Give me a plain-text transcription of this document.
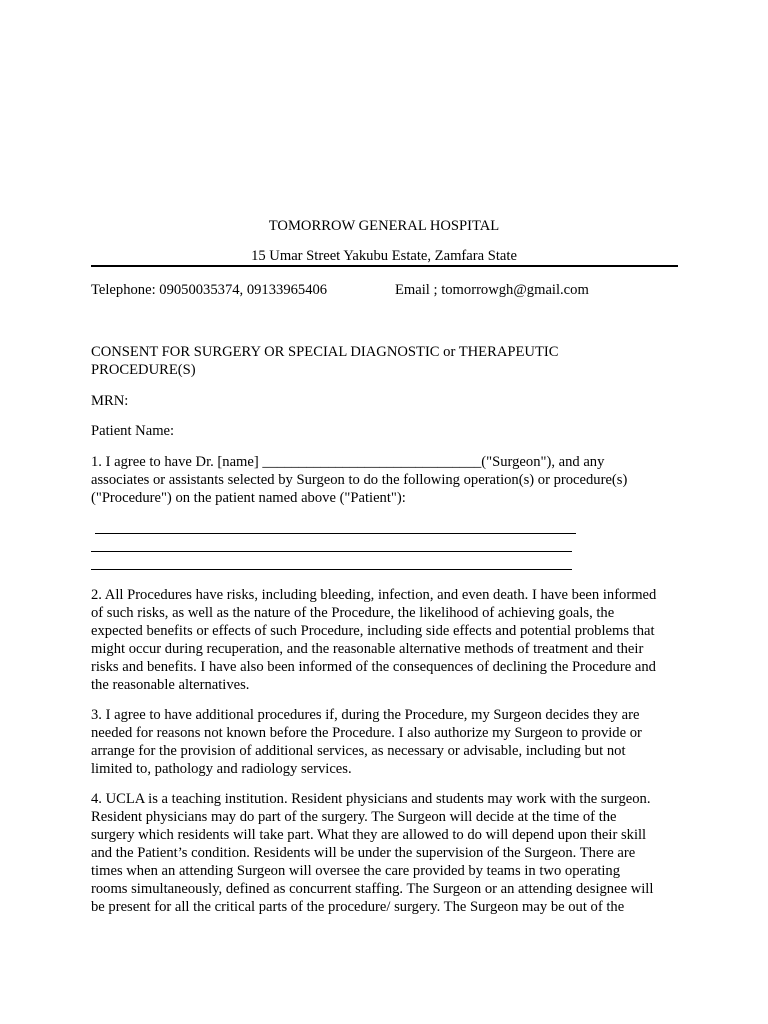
TOMORROW GENERAL HOSPITAL
15 Umar Street Yakubu Estate, Zamfara State
Telephone: 09050035374, 09133965406	Email ; tomorrowgh@gmail.com
CONSENT FOR SURGERY OR SPECIAL DIAGNOSTIC or THERAPEUTIC PROCEDURE(S)
MRN:
Patient Name:
1. I agree to have Dr. [name] ______________________________("Surgeon"), and any
associates or assistants selected by Surgeon to do the following operation(s) or procedure(s)
("Procedure") on the patient named above ("Patient"):
2. All Procedures have risks, including bleeding, infection, and even death. I have been informed
of such risks, as well as the nature of the Procedure, the likelihood of achieving goals, the
expected benefits or effects of such Procedure, including side effects and potential problems that
might occur during recuperation, and the reasonable alternative methods of treatment and their
risks and benefits. I have also been informed of the consequences of declining the Procedure and
the reasonable alternatives.
3. I agree to have additional procedures if, during the Procedure, my Surgeon decides they are
needed for reasons not known before the Procedure. I also authorize my Surgeon to provide or
arrange for the provision of additional services, as necessary or advisable, including but not
limited to, pathology and radiology services.
4. UCLA is a teaching institution. Resident physicians and students may work with the surgeon.
Resident physicians may do part of the surgery. The Surgeon will decide at the time of the
surgery which residents will take part. What they are allowed to do will depend upon their skill
and the Patient’s condition. Residents will be under the supervision of the Surgeon. There are
times when an attending Surgeon will oversee the care provided by teams in two operating
rooms simultaneously, defined as concurrent staffing. The Surgeon or an attending designee will
be present for all the critical parts of the procedure/ surgery. The Surgeon may be out of the
